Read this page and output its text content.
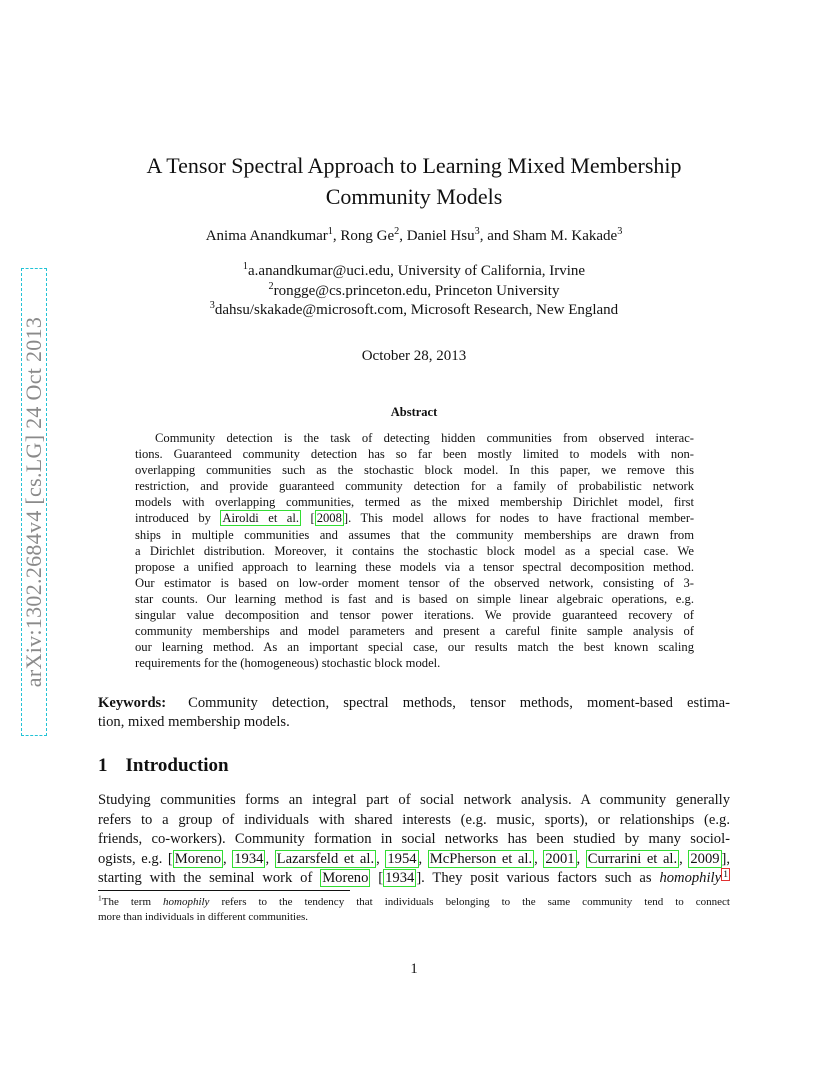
arXiv:1302.2684v4 [cs.LG] 24 Oct 2013
A Tensor Spectral Approach to Learning Mixed Membership
Community Models
Anima Anandkumar$^1$, Rong Ge$^2$, Daniel Hsu$^3$, and Sham M. Kakade$^3$
$^1$a.anandkumar@uci.edu, University of California, Irvine
$^2$rongge@cs.princeton.edu, Princeton University
$^3$dahsu/skakade@microsoft.com, Microsoft Research, New England
October 28, 2013
Abstract
Community detection is the task of detecting hidden communities from observed interac-
tions. Guaranteed community detection has so far been mostly limited to models with non-
overlapping communities such as the stochastic block model. In this paper, we remove this
restriction, and provide guaranteed community detection for a family of probabilistic network
models with overlapping communities, termed as the mixed membership Dirichlet model, first
introduced by Airoldi et al. [ 2008 ]. This model allows for nodes to have fractional member-
ships in multiple communities and assumes that the community memberships are drawn from
a Dirichlet distribution. Moreover, it contains the stochastic block model as a special case. We
propose a unified approach to learning these models via a tensor spectral decomposition method.
Our estimator is based on low-order moment tensor of the observed network, consisting of 3-
star counts. Our learning method is fast and is based on simple linear algebraic operations, e.g.
singular value decomposition and tensor power iterations. We provide guaranteed recovery of
community memberships and model parameters and present a careful finite sample analysis of
our learning method. As an important special case, our results match the best known scaling
requirements for the (homogeneous) stochastic block model.
Keywords: Community detection, spectral methods, tensor methods, moment-based estima-
tion, mixed membership models.
1 Introduction
Studying communities forms an integral part of social network analysis. A community generally
refers to a group of individuals with shared interests (e.g. music, sports), or relationships (e.g.
friends, co-workers). Community formation in social networks has been studied by many sociol-
ogists, e.g. [ Moreno , 1934 , Lazarsfeld et al. , 1954 , McPherson et al. , 2001 , Currarini et al. , 2009 ],
starting with the seminal work of Moreno [ 1934 ]. They posit various factors such as homophily $^1$
$^1$The term homophily refers to the tendency that individuals belonging to the same community tend to connect
more than individuals in different communities.
1
